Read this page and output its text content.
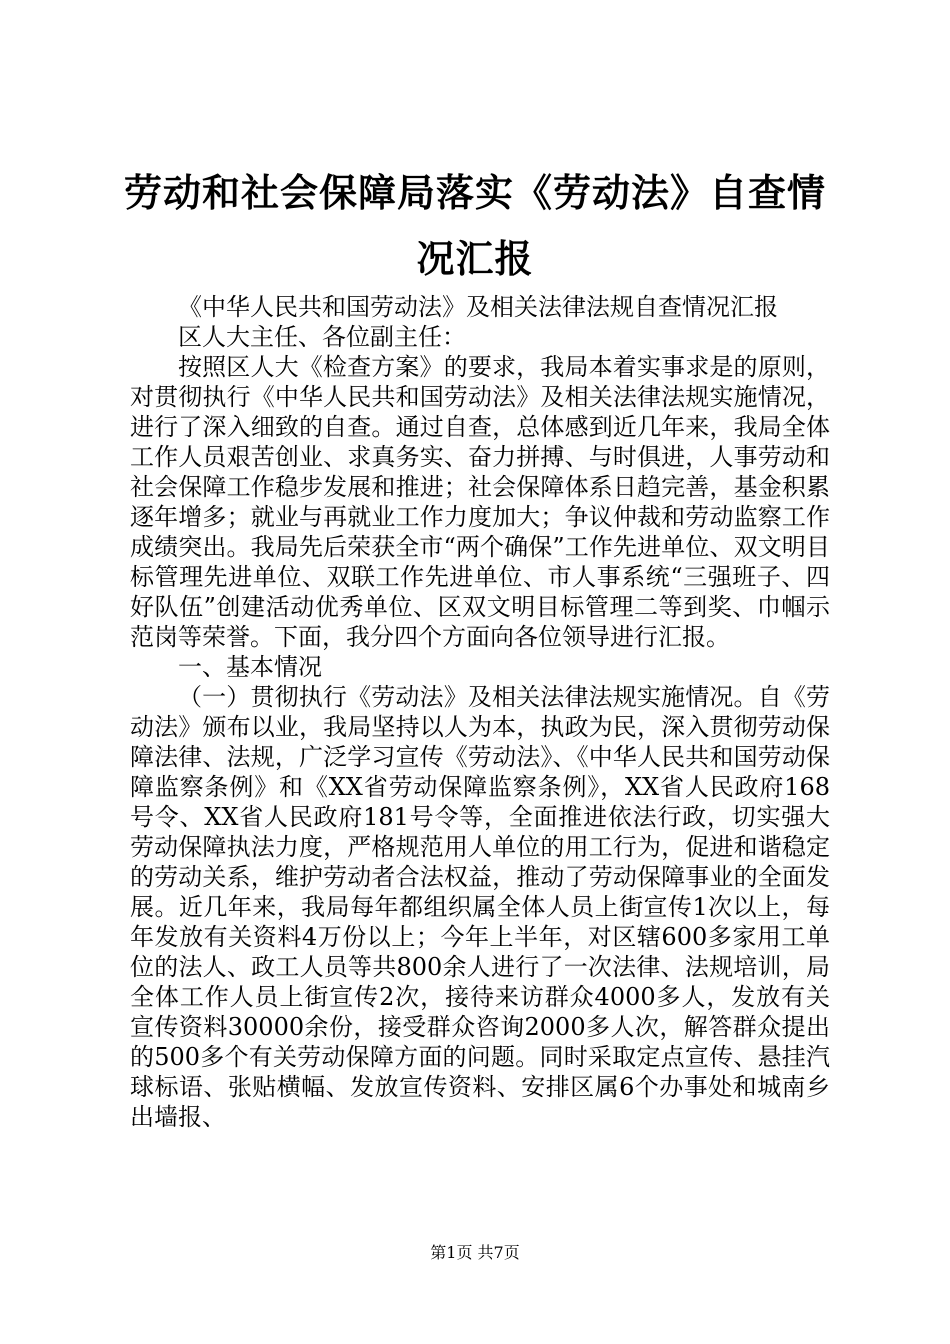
劳动和社会保障局落实《劳动法》自查情况汇报

《中华人民共和国劳动法》及相关法律法规自查情况汇报

区人大主任、各位副主任：

按照区人大《检查方案》的要求，我局本着实事求是的原则，对贯彻执行《中华人民共和国劳动法》及相关法律法规实施情况，进行了深入细致的自查。通过自查，总体感到近几年来，我局全体工作人员艰苦创业、求真务实、奋力拼搏、与时俱进，人事劳动和社会保障工作稳步发展和推进；社会保障体系日趋完善，基金积累逐年增多；就业与再就业工作力度加大；争议仲裁和劳动监察工作成绩突出。我局先后荣获全市“两个确保”工作先进单位、双文明目标管理先进单位、双联工作先进单位、市人事系统“三强班子、四好队伍”创建活动优秀单位、区双文明目标管理二等到奖、巾帼示范岗等荣誉。下面，我分四个方面向各位领导进行汇报。

一、基本情况

（一）贯彻执行《劳动法》及相关法律法规实施情况。自《劳动法》颁布以业，我局坚持以人为本，执政为民，深入贯彻劳动保障法律、法规，广泛学习宣传《劳动法》、《中华人民共和国劳动保障监察条例》和《XX省劳动保障监察条例》，XX省人民政府168号令、XX省人民政府181号令等，全面推进依法行政，切实强大劳动保障执法力度，严格规范用人单位的用工行为，促进和谐稳定的劳动关系，维护劳动者合法权益，推动了劳动保障事业的全面发展。近几年来，我局每年都组织属全体人员上街宣传1次以上，每年发放有关资料4万份以上；今年上半年，对区辖600多家用工单位的法人、政工人员等共800余人进行了一次法律、法规培训，局全体工作人员上街宣传2次，接待来访群众4000多人，发放有关宣传资料30000余份，接受群众咨询2000多人次，解答群众提出的500多个有关劳动保障方面的问题。同时采取定点宣传、悬挂汽球标语、张贴横幅、发放宣传资料、安排区属6个办事处和城南乡出墙报、

第1页 共7页
